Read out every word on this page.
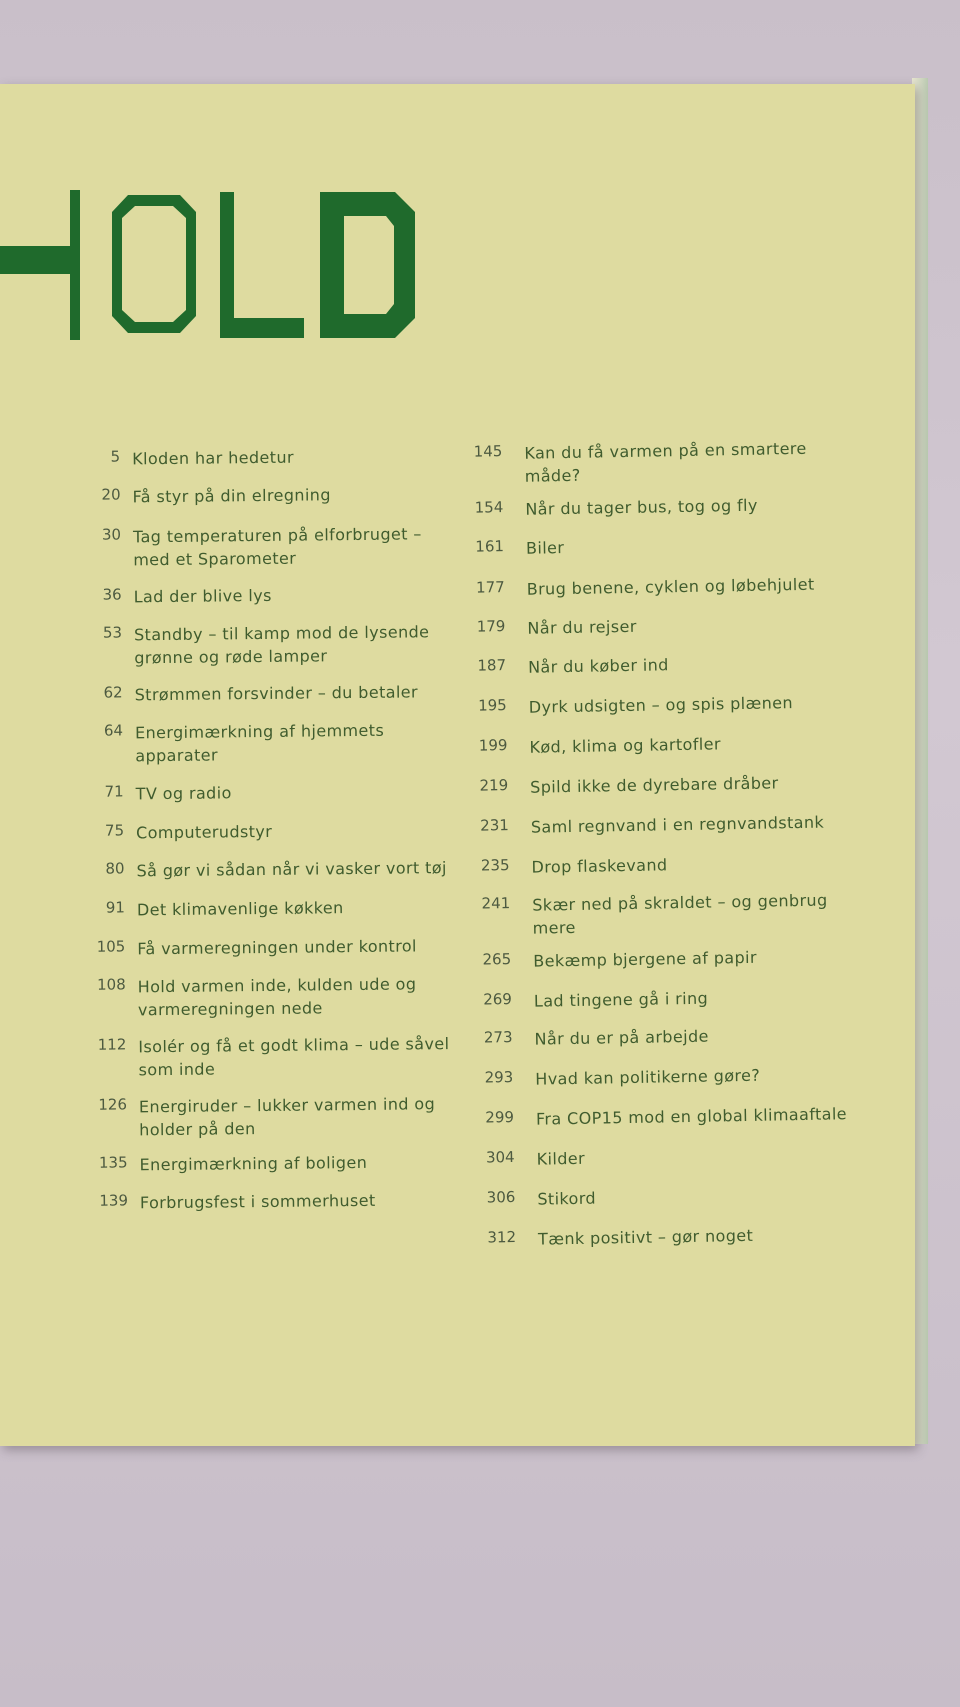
5 Kloden har hedetur
20 Få styr på din elregning
30 Tag temperaturen på elforbruget – med et Sparometer
36 Lad der blive lys
53 Standby – til kamp mod de lysende grønne og røde lamper
62 Strømmen forsvinder – du betaler
64 Energimærkning af hjemmets apparater
71 TV og radio
75 Computerudstyr
80 Så gør vi sådan når vi vasker vort tøj
91 Det klimavenlige køkken
105 Få varmeregningen under kontrol
108 Hold varmen inde, kulden ude og varmeregningen nede
112 Isolér og få et godt klima – ude såvel som inde
126 Energiruder – lukker varmen ind og holder på den
135 Energimærkning af boligen
139 Forbrugsfest i sommerhuset
145 Kan du få varmen på en smartere måde?
154 Når du tager bus, tog og fly
161 Biler
177 Brug benene, cyklen og løbehjulet
179 Når du rejser
187 Når du køber ind
195 Dyrk udsigten – og spis plænen
199 Kød, klima og kartofler
219 Spild ikke de dyrebare dråber
231 Saml regnvand i en regnvandstank
235 Drop flaskevand
241 Skær ned på skraldet – og genbrug mere
265 Bekæmp bjergene af papir
269 Lad tingene gå i ring
273 Når du er på arbejde
293 Hvad kan politikerne gøre?
299 Fra COP15 mod en global klimaaftale
304 Kilder
306 Stikord
312 Tænk positivt – gør noget
